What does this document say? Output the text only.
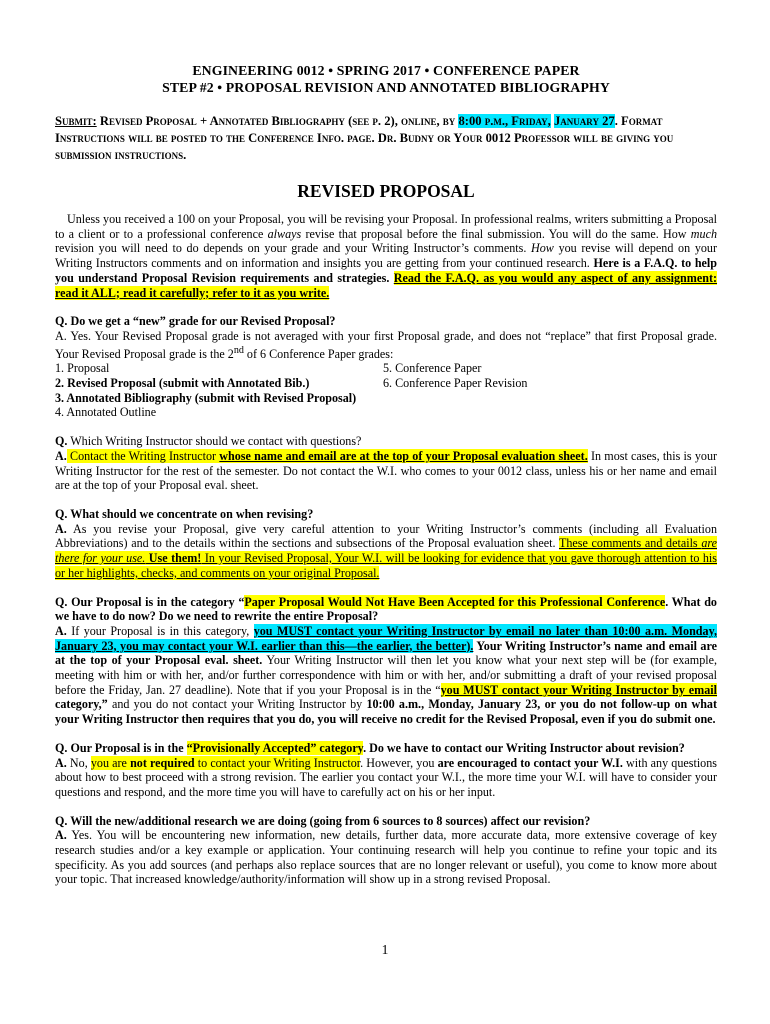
ENGINEERING 0012 • SPRING 2017 • CONFERENCE PAPER
STEP #2 • PROPOSAL REVISION AND ANNOTATED BIBLIOGRAPHY
Submit: Revised Proposal + Annotated Bibliography (see p. 2), online, by 8:00 p.m., Friday, January 27. Format Instructions will be posted to the Conference Info. page. Dr. Budny or Your 0012 Professor will be giving you submission instructions.
REVISED PROPOSAL

Unless you received a 100 on your Proposal, you will be revising your Proposal. In professional realms, writers submitting a Proposal to a client or to a professional conference always revise that proposal before the final submission. You will do the same. How much revision you will need to do depends on your grade and your Writing Instructor’s comments. How you revise will depend on your Writing Instructors comments and on information and insights you are getting from your continued research. Here is a F.A.Q. to help you understand Proposal Revision requirements and strategies. Read the F.A.Q. as you would any aspect of any assignment: read it ALL; read it carefully; refer to it as you write.

Q. Do we get a “new” grade for our Revised Proposal?

A. Yes. Your Revised Proposal grade is not averaged with your first Proposal grade, and does not “replace” that first Proposal grade. Your Revised Proposal grade is the 2nd of 6 Conference Paper grades:

1. Proposal	5. Conference Paper
2. Revised Proposal (submit with Annotated Bib.)	6. Conference Paper Revision
3. Annotated Bibliography (submit with Revised Proposal)
4. Annotated Outline

Q. Which Writing Instructor should we contact with questions?

A. Contact the Writing Instructor whose name and email are at the top of your Proposal evaluation sheet. In most cases, this is your Writing Instructor for the rest of the semester. Do not contact the W.I. who comes to your 0012 class, unless his or her name and email are at the top of your Proposal eval. sheet.

Q. What should we concentrate on when revising?

A. As you revise your Proposal, give very careful attention to your Writing Instructor’s comments (including all Evaluation Abbreviations) and to the details within the sections and subsections of the Proposal evaluation sheet. These comments and details are there for your use. Use them! In your Revised Proposal, Your W.I. will be looking for evidence that you gave thorough attention to his or her highlights, checks, and comments on your original Proposal.

Q. Our Proposal is in the category “Paper Proposal Would Not Have Been Accepted for this Professional Conference. What do we have to do now? Do we need to rewrite the entire Proposal?

A. If your Proposal is in this category, you MUST contact your Writing Instructor by email no later than 10:00 a.m. Monday, January 23, you may contact your W.I. earlier than this—the earlier, the better). Your Writing Instructor’s name and email are at the top of your Proposal eval. sheet. Your Writing Instructor will then let you know what your next step will be (for example, meeting with him or with her, and/or further correspondence with him or with her, and/or submitting a draft of your revised proposal before the Friday, Jan. 27 deadline). Note that if you your Proposal is in the “you MUST contact your Writing Instructor by email category,” and you do not contact your Writing Instructor by 10:00 a.m., Monday, January 23, or you do not follow-up on what your Writing Instructor then requires that you do, you will receive no credit for the Revised Proposal, even if you do submit one.

Q. Our Proposal is in the “Provisionally Accepted” category. Do we have to contact our Writing Instructor about revision?

A. No, you are not required to contact your Writing Instructor. However, you are encouraged to contact your W.I. with any questions about how to best proceed with a strong revision. The earlier you contact your W.I., the more time your W.I. will have to consider your questions and respond, and the more time you will have to carefully act on his or her input.

Q. Will the new/additional research we are doing (going from 6 sources to 8 sources) affect our revision?

A. Yes. You will be encountering new information, new details, further data, more accurate data, more extensive coverage of key research studies and/or a key example or application. Your continuing research will help you continue to refine your topic and its specificity. As you add sources (and perhaps also replace sources that are no longer relevant or useful), you come to know more about your topic. That increased knowledge/authority/information will show up in a strong revised Proposal.

1
